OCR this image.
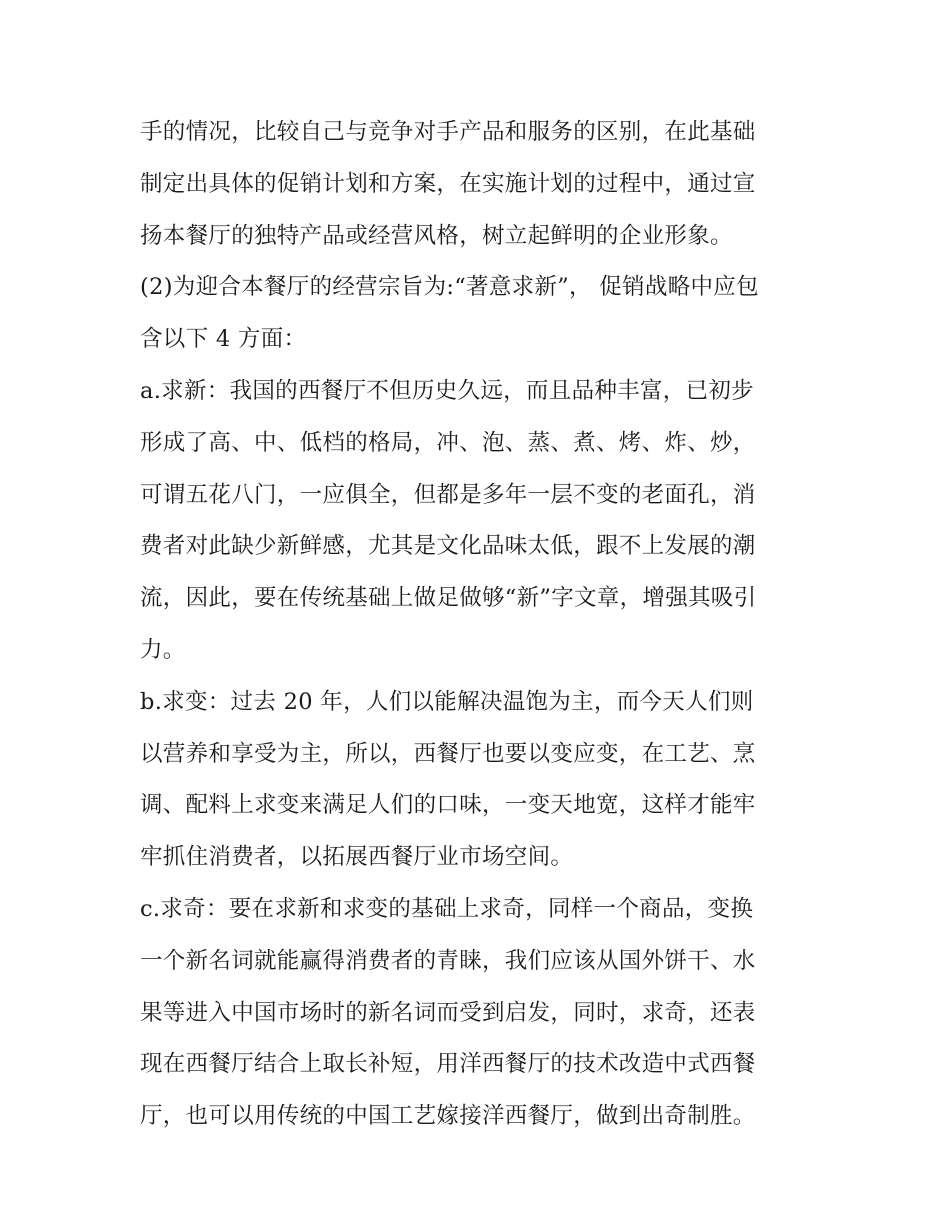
手的情况，比较自己与竞争对手产品和服务的区别，在此基础
制定出具体的促销计划和方案，在实施计划的过程中，通过宣
扬本餐厅的独特产品或经营风格，树立起鲜明的企业形象。
(2)为迎合本餐厅的经营宗旨为:“著意求新”， 促销战略中应包
含以下 4 方面：
a.求新：我国的西餐厅不但历史久远，而且品种丰富，已初步
形成了高、中、低档的格局，冲、泡、蒸、煮、烤、炸、炒，
可谓五花八门，一应俱全，但都是多年一层不变的老面孔，消
费者对此缺少新鲜感，尤其是文化品味太低，跟不上发展的潮
流，因此，要在传统基础上做足做够“新”字文章，增强其吸引
力。
b.求变：过去 20 年，人们以能解决温饱为主，而今天人们则
以营养和享受为主，所以，西餐厅也要以变应变，在工艺、烹
调、配料上求变来满足人们的口味，一变天地宽，这样才能牢
牢抓住消费者，以拓展西餐厅业市场空间。
c.求奇：要在求新和求变的基础上求奇，同样一个商品，变换
一个新名词就能赢得消费者的青睐，我们应该从国外饼干、水
果等进入中国市场时的新名词而受到启发，同时，求奇，还表
现在西餐厅结合上取长补短，用洋西餐厅的技术改造中式西餐
厅，也可以用传统的中国工艺嫁接洋西餐厅，做到出奇制胜。
